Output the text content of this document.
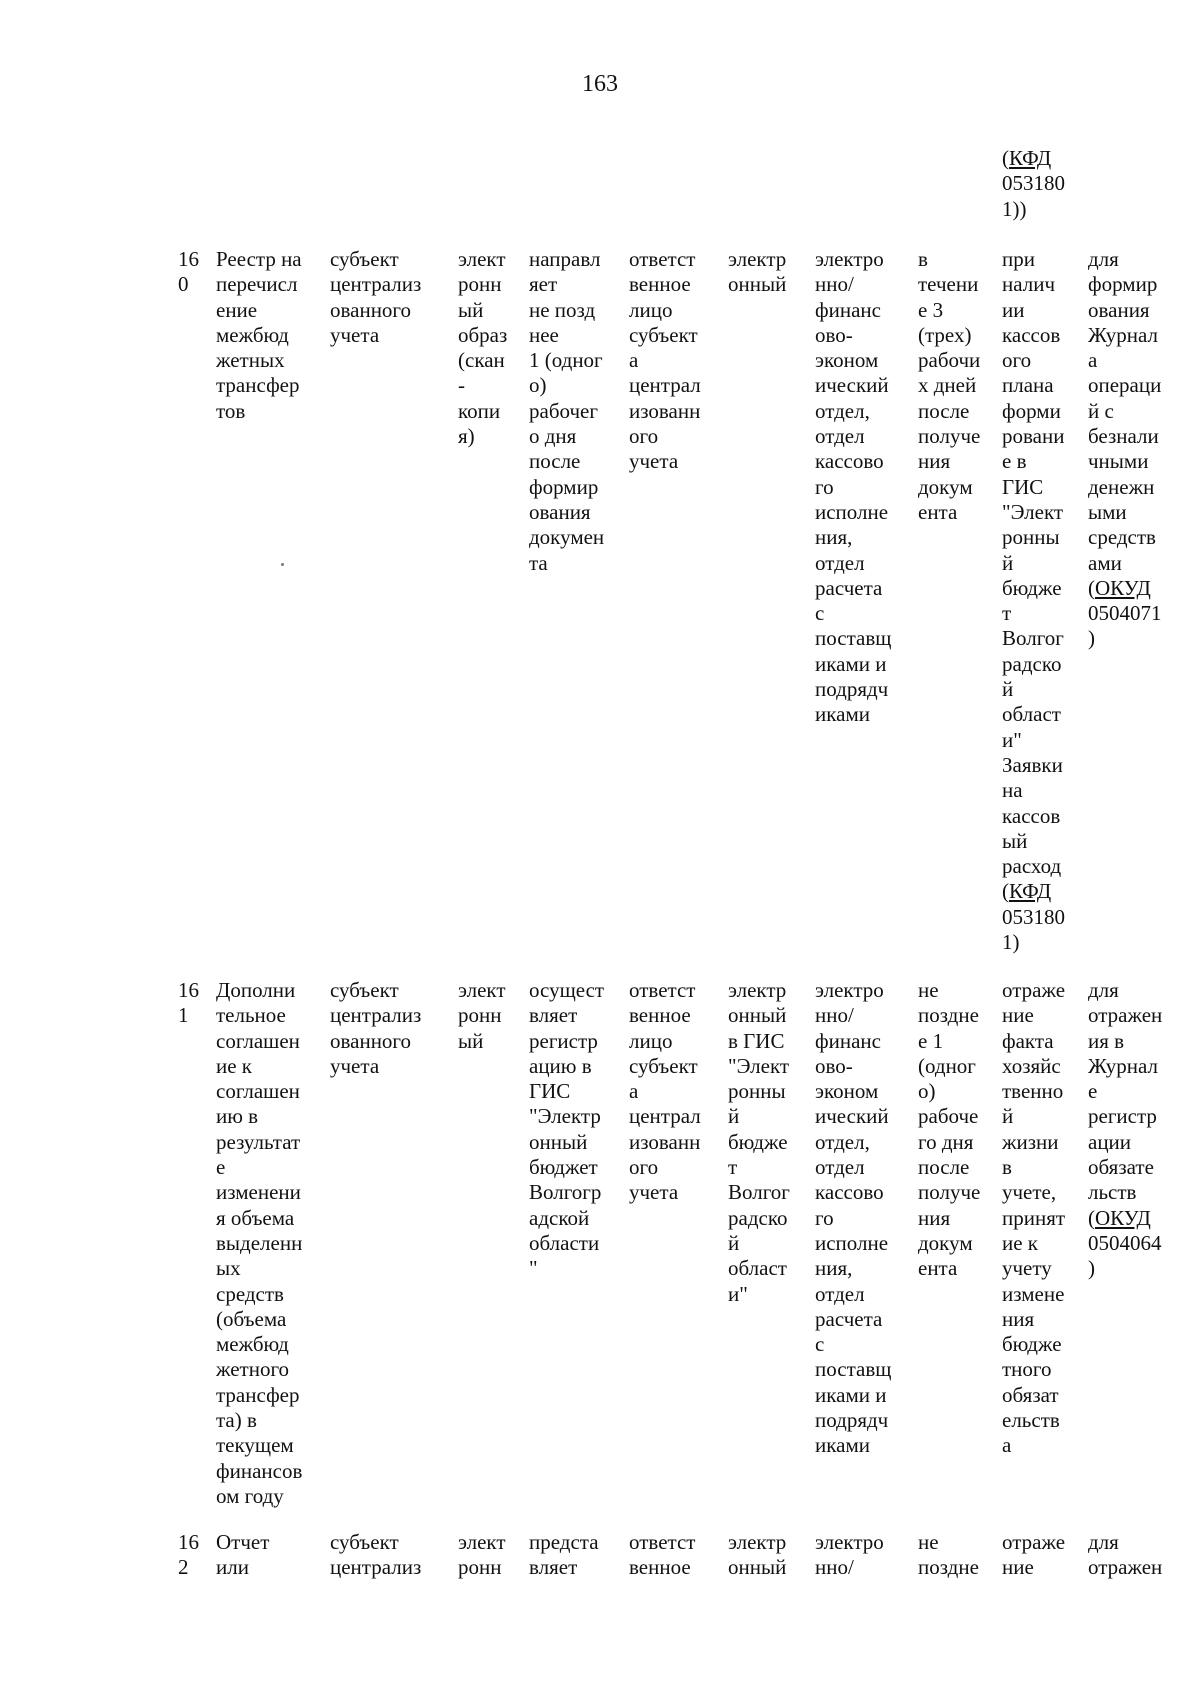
163
(КФД
053180
1))
16
0
Реестр на
перечисл
ение
межбюд
жетных
трансфер
тов
субъект
централиз
ованного
учета
элект
ронн
ый
образ
(скан
-
копи
я)
направл
яет
не позд
нее
1 (одног
о)
рабочег
о дня
после
формир
ования
докумен
та
ответст
венное
лицо
субъект
а
централ
изованн
ого
учета
электр
онный
электро
нно/
финанс
ово-
эконом
ический
отдел,
отдел
кассово
го
исполне
ния,
отдел
расчета
с
поставщ
иками и
подрядч
иками
в
течени
е 3
(трех)
рабочи
х дней
после
получе
ния
докум
ента
при
налич
ии
кассов
ого
плана
форми
ровани
е в
ГИС
"Элект
ронны
й
бюдже
т
Волгог
радско
й
област
и"
Заявки
на
кассов
ый
расход
(КФД
053180
1)
для
формир
ования
Журнал
а
операци
й с
безнали
чными
денежн
ыми
средств
ами
(ОКУД
0504071
)
16
1
Дополни
тельное
соглашен
ие к
соглашен
ию в
результат
е
изменени
я объема
выделенн
ых
средств
(объема
межбюд
жетного
трансфер
та) в
текущем
финансов
ом году
субъект
централиз
ованного
учета
элект
ронн
ый
осущест
вляет
регистр
ацию в
ГИС
"Электр
онный
бюджет
Волгогр
адской
области
"
ответст
венное
лицо
субъект
а
централ
изованн
ого
учета
электр
онный
в ГИС
"Элект
ронны
й
бюдже
т
Волгог
радско
й
област
и"
электро
нно/
финанс
ово-
эконом
ический
отдел,
отдел
кассово
го
исполне
ния,
отдел
расчета
с
поставщ
иками и
подрядч
иками
не
поздне
е 1
(одног
о)
рабоче
го дня
после
получе
ния
докум
ента
отраже
ние
факта
хозяйс
твенно
й
жизни
в
учете,
принят
ие к
учету
измене
ния
бюдже
тного
обязат
ельств
а
для
отражен
ия в
Журнал
е
регистр
ации
обязате
льств
(ОКУД
0504064
)
16
2
Отчет
или
субъект
централиз
элект
ронн
предста
вляет
ответст
венное
электр
онный
электро
нно/
не
поздне
отраже
ние
для
отражен
